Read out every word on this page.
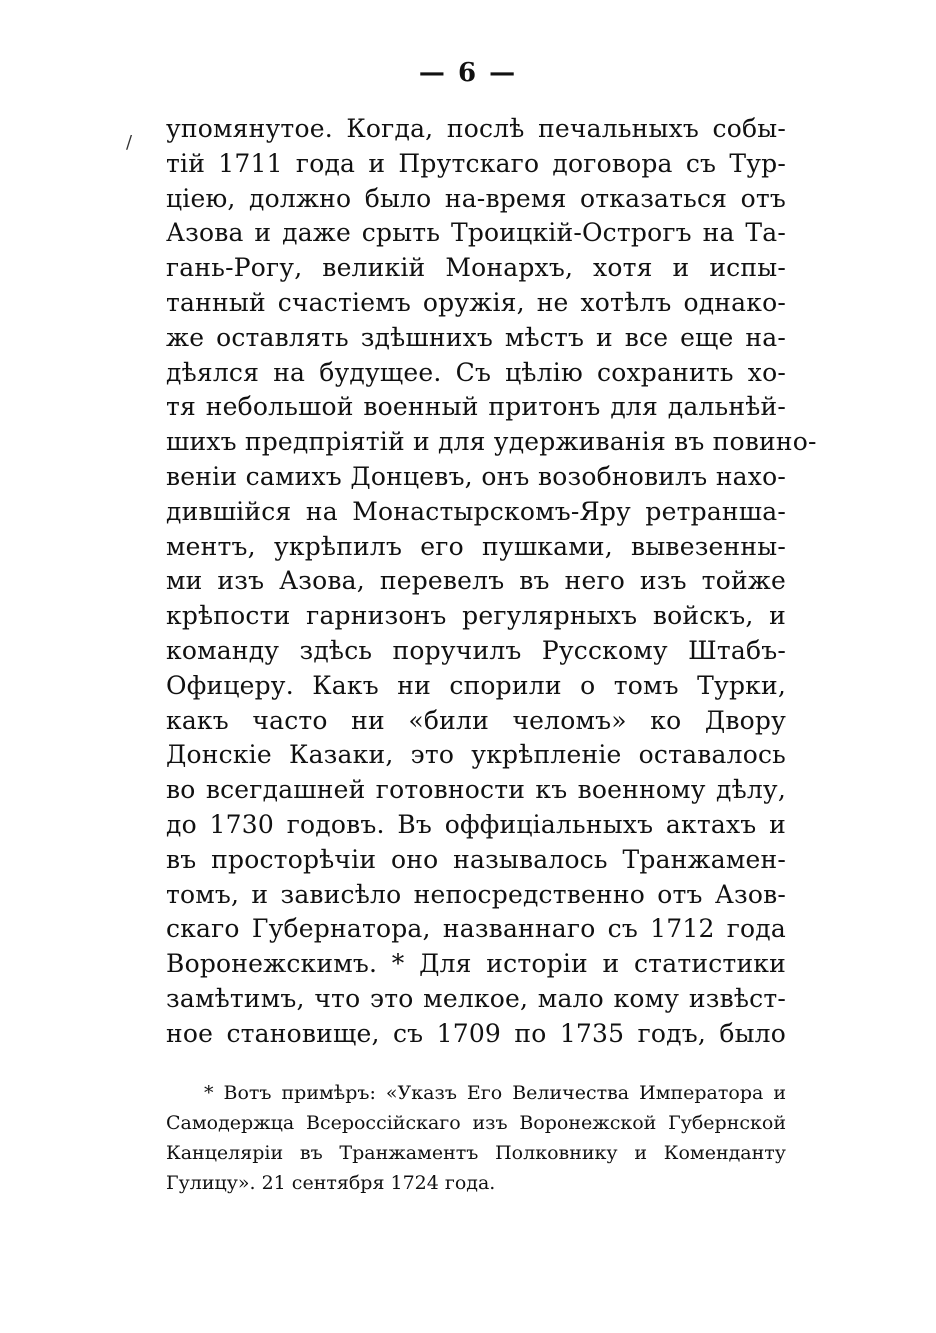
— 6 —
/ упомянутое. Когда, послѣ печальныхъ собы-
тій 1711 года и Прутскаго договора съ Тур-
ціею, должно было на-время отказаться отъ
Азова и даже срыть Троицкій-Острогъ на Та-
гань-Рогу, великій Монархъ, хотя и испы-
танный счастіемъ оружія, не хотѣлъ однако-
же оставлять здѣшнихъ мѣстъ и все еще на-
дѣялся на будущее. Съ цѣлію сохранить хо-
тя небольшой военный притонъ для дальнѣй-
шихъ предпріятій и для удерживанія въ повино-
веніи самихъ Донцевъ, онъ возобновилъ нахо-
дившійся на Монастырскомъ-Яру ретранша-
ментъ, укрѣпилъ его пушками, вывезенны-
ми изъ Азова, перевелъ въ него изъ тойже
крѣпости гарнизонъ регулярныхъ войскъ, и
команду здѣсь поручилъ Русскому Штабъ-
Офицеру. Какъ ни спорили о томъ Турки,
какъ часто ни «били челомъ» ко Двору
Донскіе Казаки, это укрѣпленіе оставалось
во всегдашней готовности къ военному дѣлу,
до 1730 годовъ. Въ оффиціальныхъ актахъ и
въ просторѣчіи оно называлось Транжамен-
томъ, и зависѣло непосредственно отъ Азов-
скаго Губернатора, названнаго съ 1712 года
Воронежскимъ. * Для исторіи и статистики
замѣтимъ, что это мелкое, мало кому извѣст-
ное становище, съ 1709 по 1735 годъ, было
* Вотъ примѣръ: «Указъ Его Величества Императора и
Самодержца Всероссійскаго изъ Воронежской Губернской
Канцеляріи въ Транжаментъ Полковнику и Коменданту
Гулицу». 21 сентября 1724 года.
